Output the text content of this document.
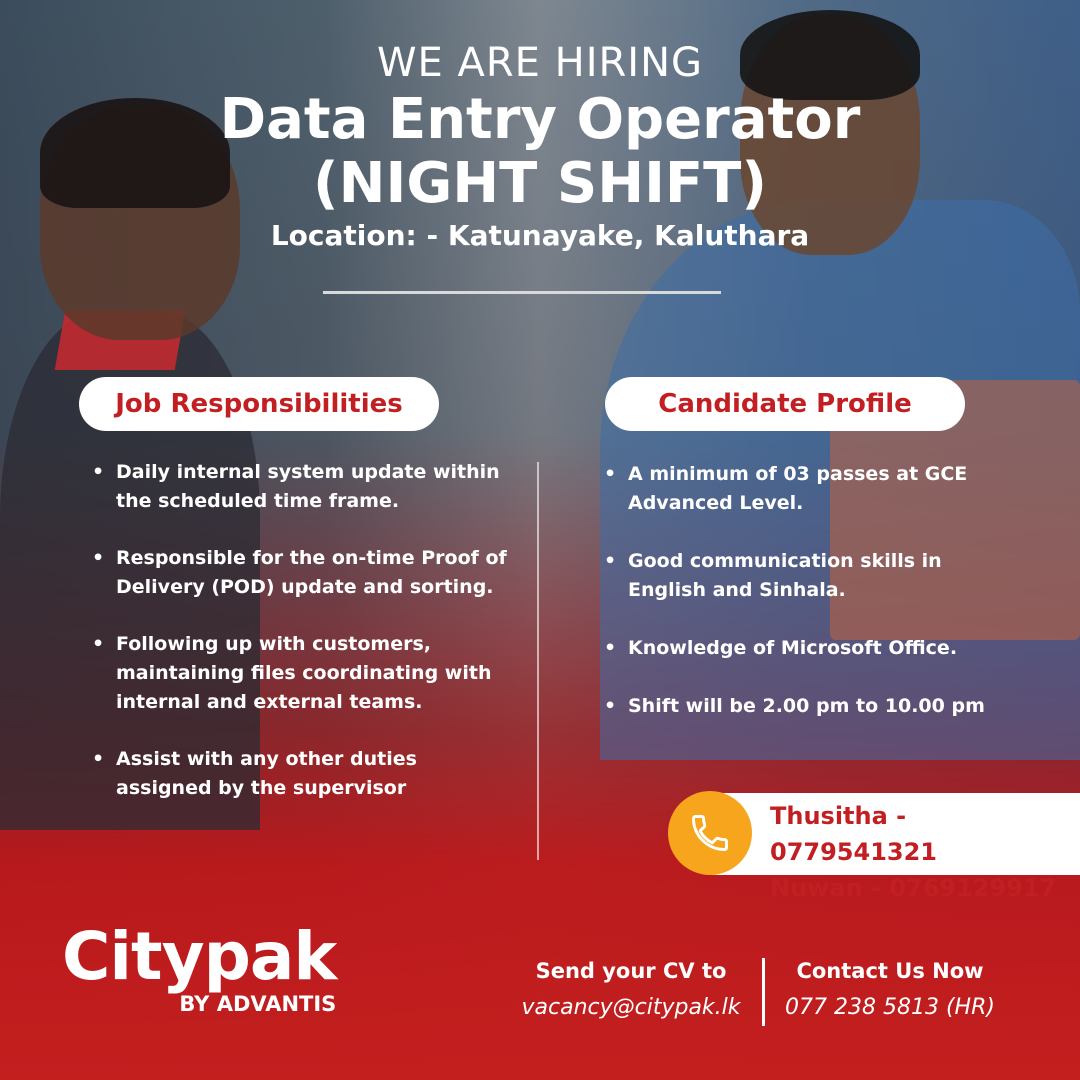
WE ARE HIRING

Data Entry Operator

(NIGHT SHIFT)

Location: - Katunayake, Kaluthara

Job Responsibilities	Candidate Profile
• Daily internal system update within the scheduled time frame.
• Responsible for the on-time Proof of Delivery (POD) update and sorting.
• Following up with customers, maintaining files coordinating with internal and external teams.
• Assist with any other duties assigned by the supervisor
• A minimum of 03 passes at GCE Advanced Level.
• Good communication skills in English and Sinhala.
• Knowledge of Microsoft Office.
• Shift will be 2.00 pm to 10.00 pm
Thusitha - 0779541321
Nuwan - 0769129917
Citypak
BY ADVANTIS
Send your CV to
vacancy@citypak.lk
Contact Us Now
077 238 5813 (HR)
